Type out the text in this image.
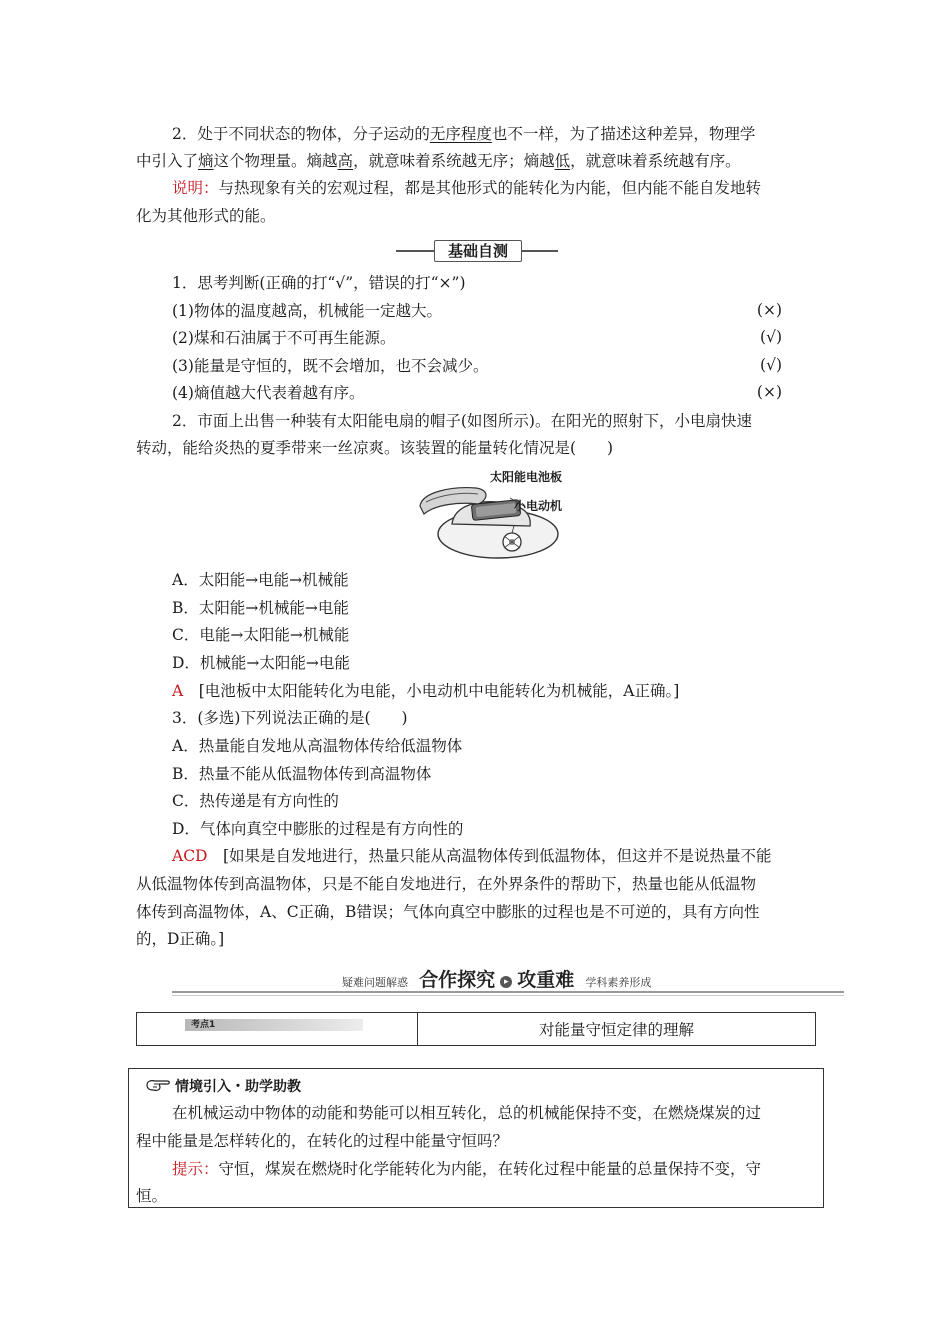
2．处于不同状态的物体，分子运动的无序程度也不一样，为了描述这种差异，物理学
中引入了熵这个物理量。熵越高，就意味着系统越无序；熵越低，就意味着系统越有序。
说明：与热现象有关的宏观过程，都是其他形式的能转化为内能，但内能不能自发地转
化为其他形式的能。
基础自测
1．思考判断(正确的打“√”，错误的打“×”)
(1)物体的温度越高，机械能一定越大。	(×)
(2)煤和石油属于不可再生能源。	(√)
(3)能量是守恒的，既不会增加，也不会减少。	(√)
(4)熵值越大代表着越有序。	(×)
2．市面上出售一种装有太阳能电扇的帽子(如图所示)。在阳光的照射下，小电扇快速
转动，能给炎热的夏季带来一丝凉爽。该装置的能量转化情况是(　　)
太阳能电池板
小电动机
A．太阳能→电能→机械能
B．太阳能→机械能→电能
C．电能→太阳能→机械能
D．机械能→太阳能→电能
A　 [电池板中太阳能转化为电能，小电动机中电能转化为机械能，A正确。]
3．(多选)下列说法正确的是(　　)
A．热量能自发地从高温物体传给低温物体
B．热量不能从低温物体传到高温物体
C．热传递是有方向性的
D．气体向真空中膨胀的过程是有方向性的
ACD　 [如果是自发地进行，热量只能从高温物体传到低温物体，但这并不是说热量不能
从低温物体传到高温物体，只是不能自发地进行，在外界条件的帮助下，热量也能从低温物
体传到高温物体，A、C正确，B错误；气体向真空中膨胀的过程也是不可逆的，具有方向性
的，D正确。]
疑难问题解惑 合作探究 ▸ 攻重难 学科素养形成
考点1	对能量守恒定律的理解
情境引入・助学助教
在机械运动中物体的动能和势能可以相互转化，总的机械能保持不变，在燃烧煤炭的过
程中能量是怎样转化的，在转化的过程中能量守恒吗？
提示：守恒，煤炭在燃烧时化学能转化为内能，在转化过程中能量的总量保持不变，守
恒。
